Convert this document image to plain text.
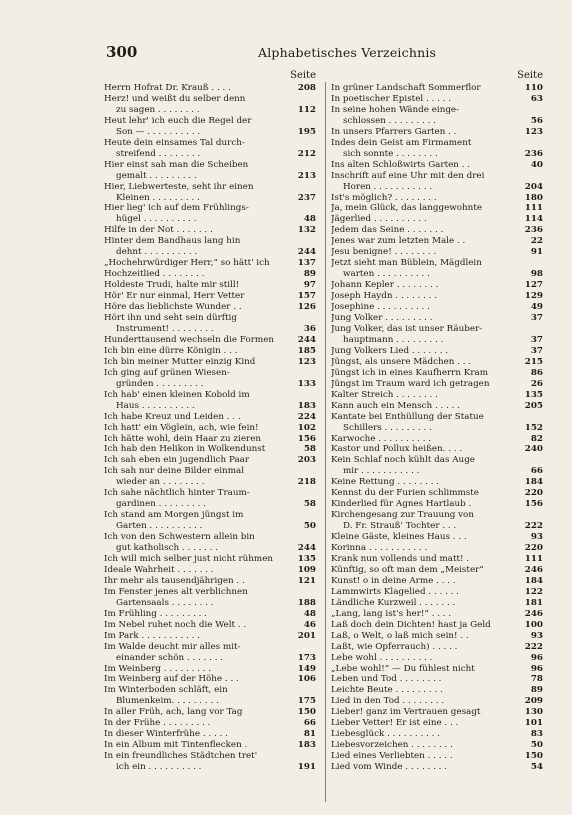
300	Alphabetisches Verzeichnis
Seite
Herrn Hofrat Dr. Krauß . . . .	208
Herz! und weißt du selber denn
zu sagen . . . . . . . .	112
Heut lehr' ich euch die Regel der
Son — . . . . . . . . . .	195
Heute dein einsames Tal durch-
streifend . . . . . . . .	212
Hier einst sah man die Scheiben
gemalt . . . . . . . . .	213
Hier, Liebwerteste, seht ihr einen
Kleinen . . . . . . . . .	237
Hier lieg' ich auf dem Frühlings-
hügel . . . . . . . . . .	48
Hilfe in der Not . . . . . . .	132
Hinter dem Bandhaus lang hin
dehnt . . . . . . . . . .	244
„Hochehrwürdiger Herr,“ so hätt' ich	137
Hochzeitlied . . . . . . . .	89
Holdeste Trudi, halte mir still!	97
Hör' Er nur einmal, Herr Vetter	157
Höre das lieblichste Wunder . .	126
Hört ihn und seht sein dürftig
Instrument! . . . . . . . .	36
Hunderttausend wechseln die Formen	244
Ich bin eine dürre Königin . . .	185
Ich bin meiner Mutter einzig Kind	123
Ich ging auf grünen Wiesen-
gründen . . . . . . . . .	133
Ich hab' einen kleinen Kobold im
Haus . . . . . . . . . .	183
Ich habe Kreuz und Leiden . . .	224
Ich hatt' ein Vöglein, ach, wie fein!	102
Ich hätte wohl, dein Haar zu zieren	156
Ich hab den Helikon in Wolkendunst	58
Ich sah eben ein jugendlich Paar	203
Ich sah nur deine Bilder einmal
wieder an . . . . . . . .	218
Ich sahe nächtlich hinter Traum-
gardinen . . . . . . . . .	58
Ich stand am Morgen jüngst im
Garten . . . . . . . . . .	50
Ich von den Schwestern allein bin
gut katholisch . . . . . . .	244
Ich will mich selber just nicht rühmen	135
Ideale Wahrheit . . . . . . .	109
Ihr mehr als tausendjährigen . .	121
Im Fenster jenes alt verblichnen
Gartensaals . . . . . . . .	188
Im Frühling . . . . . . . . .	48
Im Nebel ruhet noch die Welt . .	46
Im Park . . . . . . . . . . .	201
Im Walde deucht mir alles mit-
einander schön . . . . . . .	173
Im Weinberg . . . . . . . . .	149
Im Weinberg auf der Höhe . . .	106
Im Winterboden schläft, ein
Blumenkeim. . . . . . . . .	175
In aller Früh, ach, lang vor Tag	150
In der Frühe . . . . . . . . .	66
In dieser Winterfrühe . . . . .	81
In ein Album mit Tintenflecken .	183
In ein freundliches Städtchen tret'
ich ein . . . . . . . . . .	191
Seite
In grüner Landschaft Sommerflor	110
In poetischer Epistel . . . . .	63
In seine hohen Wände einge-
schlossen . . . . . . . . .	56
In unsers Pfarrers Garten . .	123
Indes dein Geist am Firmament
sich sonnte . . . . . . . .	236
Ins alten Schloßwirts Garten . .	40
Inschrift auf eine Uhr mit den drei
Horen . . . . . . . . . . .	204
Ist's möglich? . . . . . . . .	180
Ja, mein Glück, das langgewohnte	111
Jägerlied . . . . . . . . . .	114
Jedem das Seine . . . . . . .	236
Jenes war zum letzten Male . .	22
Jesu benigne! . . . . . . . .	91
Jetzt sieht man Büblein, Mägdlein
warten . . . . . . . . . .	98
Johann Kepler . . . . . . . .	127
Joseph Haydn . . . . . . . .	129
Josephine . . . . . . . . . .	49
Jung Volker . . . . . . . . .	37
Jung Volker, das ist unser Räuber-
hauptmann . . . . . . . . .	37
Jung Volkers Lied . . . . . . .	37
Jüngst, als unsere Mädchen . . .	215
Jüngst ich in eines Kaufherrn Kram	86
Jüngst im Traum ward ich getragen	26
Kalter Streich . . . . . . . .	135
Kann auch ein Mensch . . . . .	205
Kantate bei Enthüllung der Statue
Schillers . . . . . . . . .	152
Karwoche . . . . . . . . . .	82
Kastor und Pollux heißen. . . .	240
Kein Schlaf noch kühlt das Auge
mir . . . . . . . . . . .	66
Keine Rettung . . . . . . . .	184
Kennst du der Furien schlimmste	220
Kinderlied für Agnes Hartlaub .	156
Kirchengesang zur Trauung von
D. Fr. Strauß' Tochter . . .	222
Kleine Gäste, kleines Haus . . .	93
Korinna . . . . . . . . . . .	220
Krank nun vollends und matt! .	111
Künftig, so oft man dem „Meister“	246
Kunst! o in deine Arme . . . .	184
Lammwirts Klagelied . . . . . .	122
Ländliche Kurzweil . . . . . . .	181
„Lang, lang ist's her!“ . . . .	246
Laß doch dein Dichten! hast ja Geld	100
Laß, o Welt, o laß mich sein! . .	93
Laßt, wie Opferrauch) . . . . .	222
Lebe wohl . . . . . . . . . .	96
„Lebe wohl!“ — Du fühlest nicht	96
Leben und Tod . . . . . . . .	78
Leichte Beute . . . . . . . . .	89
Lied in den Tod . . . . . . . .	209
Lieber! ganz im Vertrauen gesagt	130
Lieber Vetter! Er ist eine . . .	101
Liebesglück . . . . . . . . . .	83
Liebesvorzeichen . . . . . . . .	50
Lied eines Verliebten . . . . .	150
Lied vom Winde . . . . . . . .	54
